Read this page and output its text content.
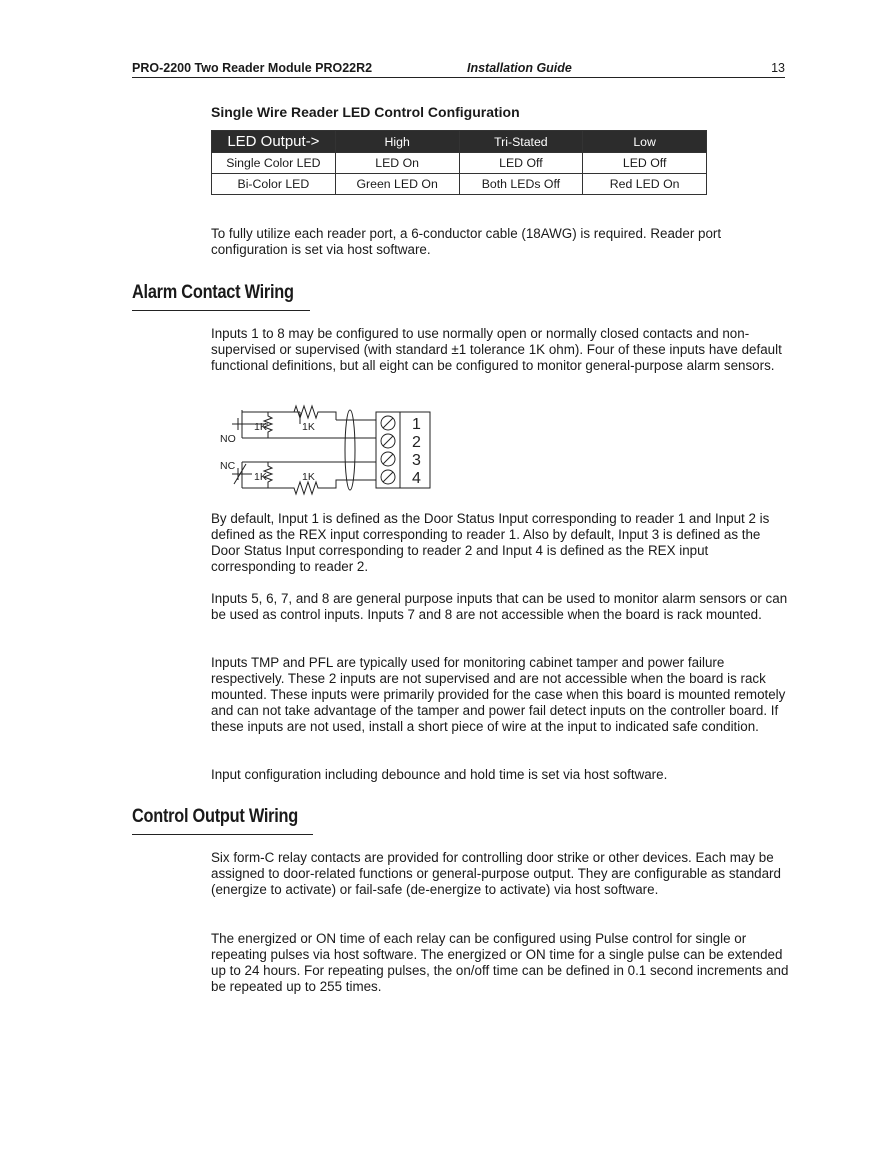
PRO-2200 Two Reader Module PRO22R2	Installation Guide	13
Single Wire Reader LED Control Configuration
LED Output->	High	Tri-Stated	Low
Single Color LED	LED On	LED Off	LED Off
Bi-Color LED	Green LED On	Both LEDs Off	Red LED On

To fully utilize each reader port, a 6-conductor cable (18AWG) is required. Reader port configuration is set via host software.

Alarm Contact Wiring

Inputs 1 to 8 may be configured to use normally open or normally closed contacts and non-supervised or supervised (with standard ±1 tolerance 1K ohm). Four of these inputs have default functional definitions, but all eight can be configured to monitor general-purpose alarm sensors.

NO
NC
1K	1K
1K	1K
1
2
3
4

By default, Input 1 is defined as the Door Status Input corresponding to reader 1 and Input 2 is defined as the REX input corresponding to reader 1. Also by default, Input 3 is defined as the Door Status Input corresponding to reader 2 and Input 4 is defined as the REX input corresponding to reader 2.

Inputs 5, 6, 7, and 8 are general purpose inputs that can be used to monitor alarm sensors or can be used as control inputs. Inputs 7 and 8 are not accessible when the board is rack mounted.

Inputs TMP and PFL are typically used for monitoring cabinet tamper and power failure respectively. These 2 inputs are not supervised and are not accessible when the board is rack mounted. These inputs were primarily provided for the case when this board is mounted remotely and can not take advantage of the tamper and power fail detect inputs on the controller board. If these inputs are not used, install a short piece of wire at the input to indicated safe condition.

Input configuration including debounce and hold time is set via host software.

Control Output Wiring

Six form-C relay contacts are provided for controlling door strike or other devices. Each may be assigned to door-related functions or general-purpose output. They are configurable as standard (energize to activate) or fail-safe (de-energize to activate) via host software.

The energized or ON time of each relay can be configured using Pulse control for single or repeating pulses via host software. The energized or ON time for a single pulse can be extended up to 24 hours. For repeating pulses, the on/off time can be defined in 0.1 second increments and be repeated up to 255 times.
